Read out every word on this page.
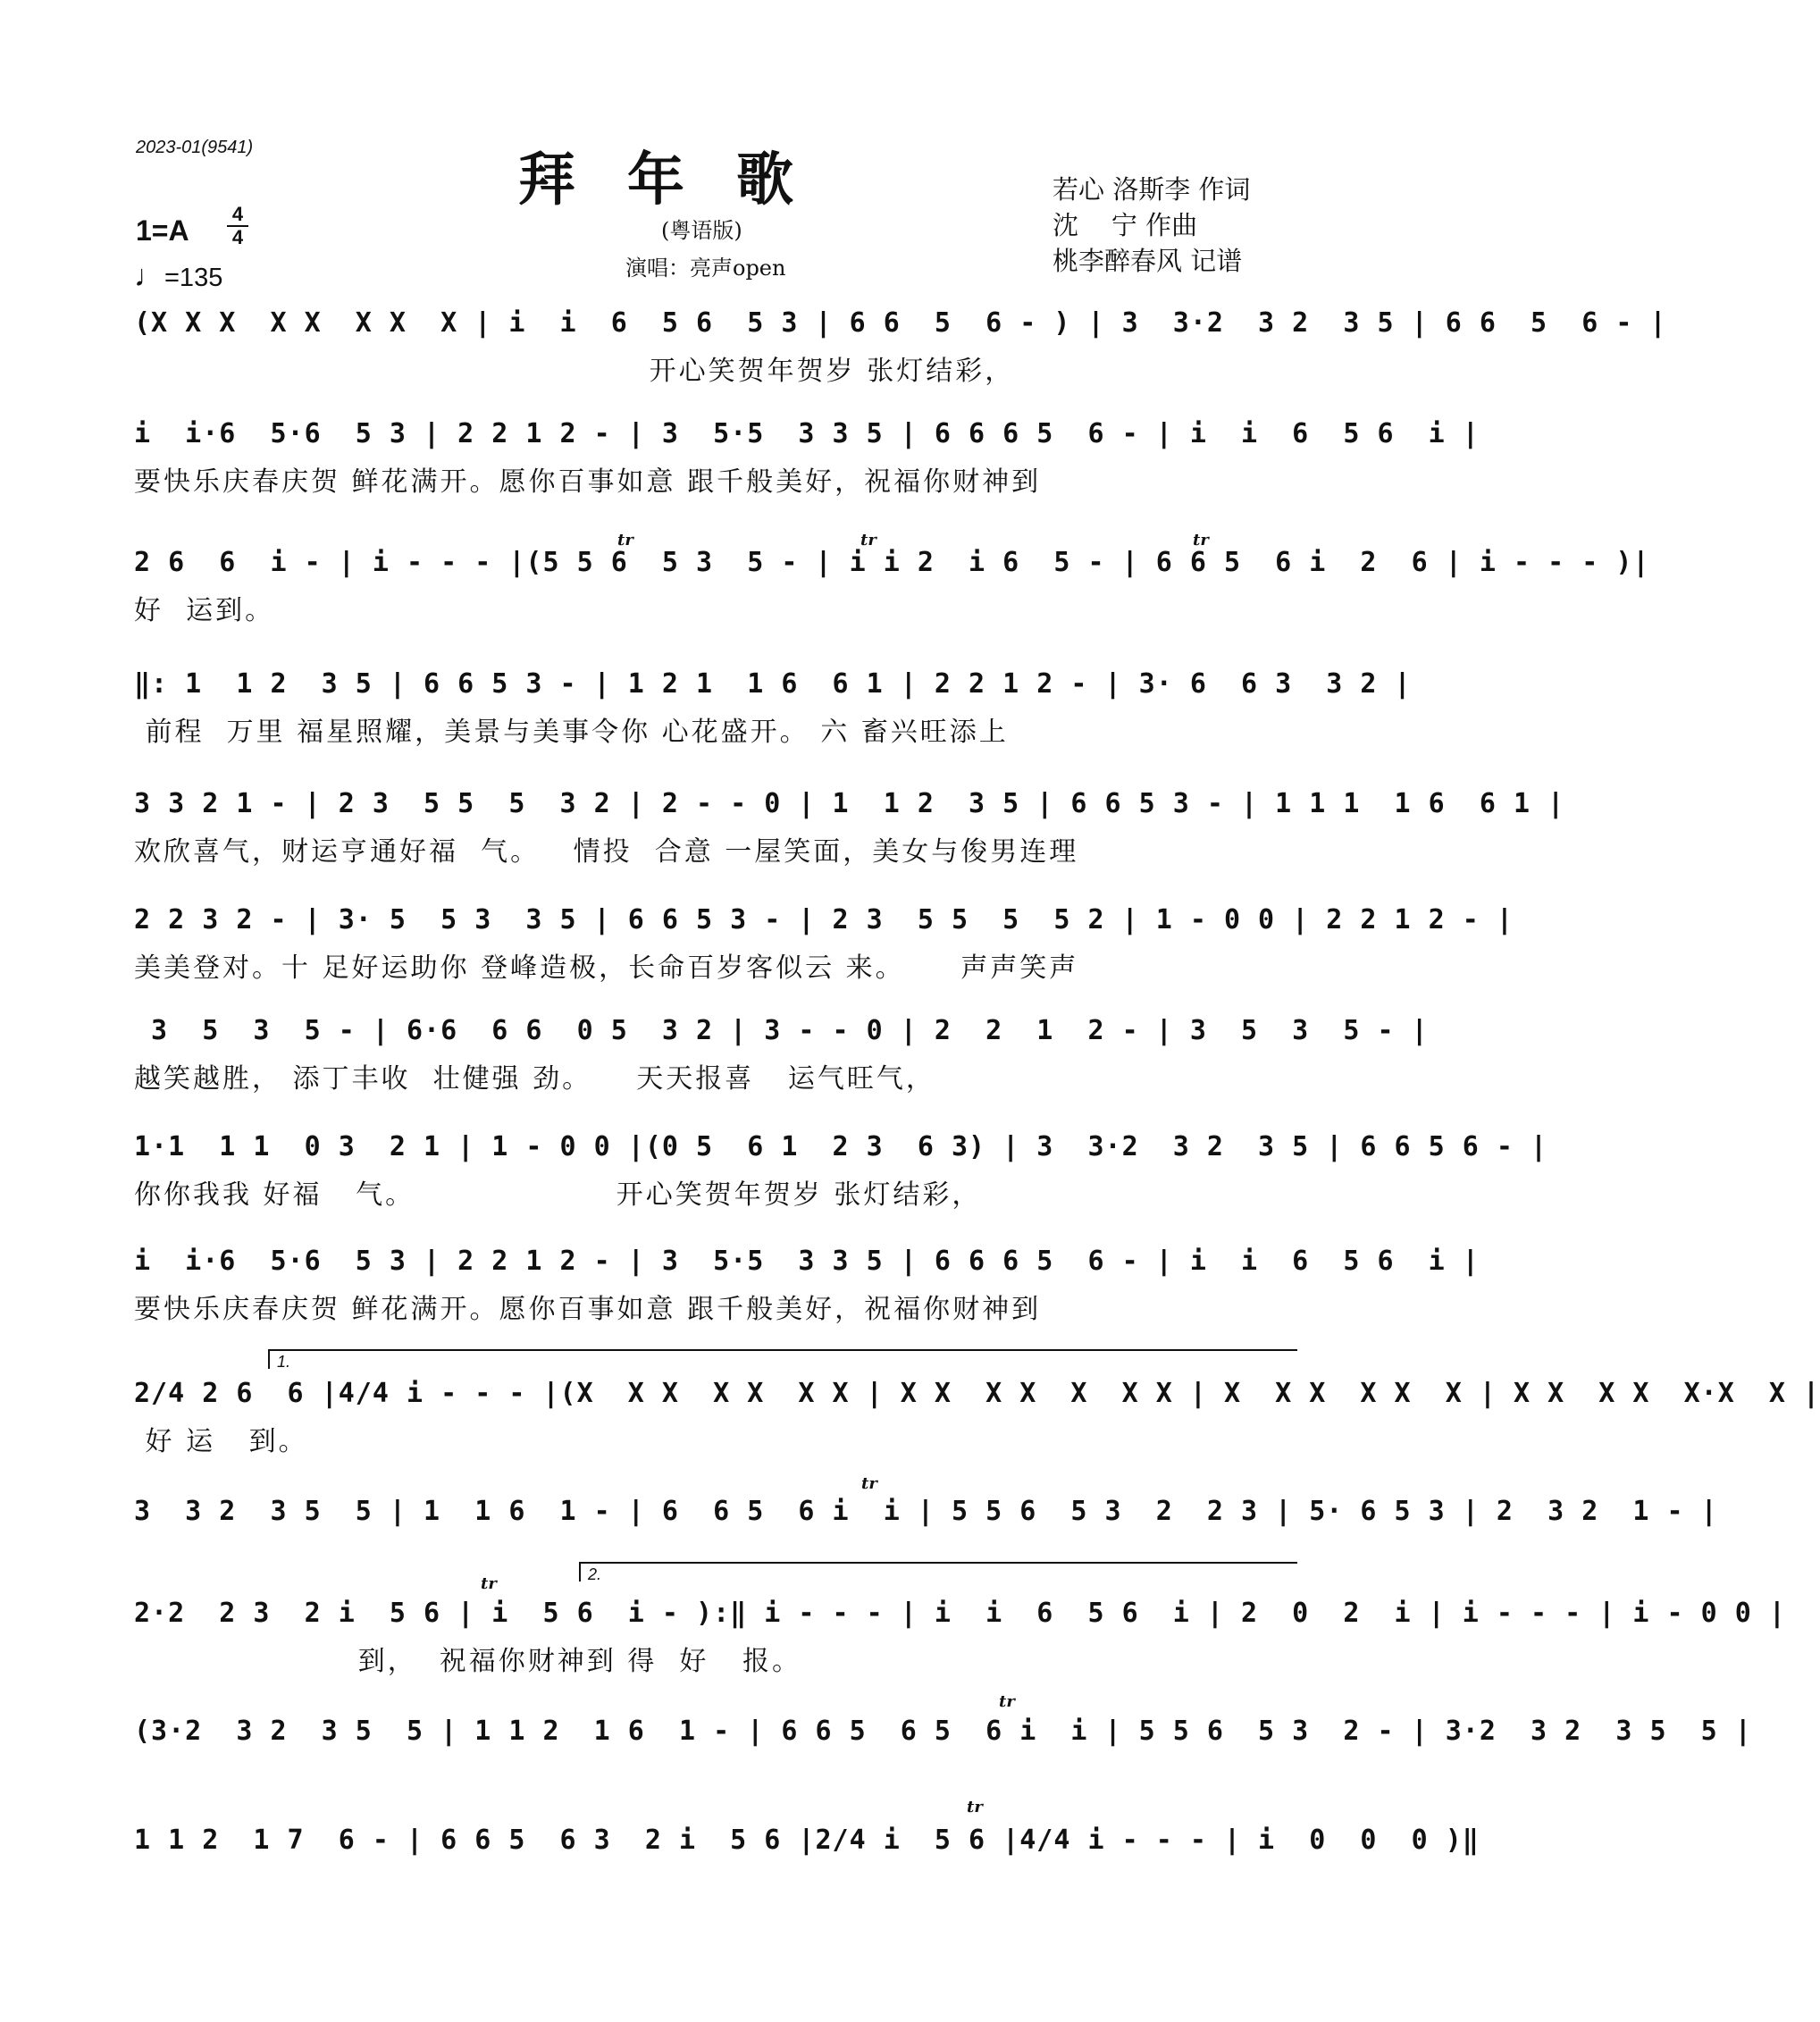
2023-01(9541)	拜年歌
(粤语版)
演唱：亮声open
若心 洛斯李 作词
沈    宁 作曲
桃李醉春风 记谱
1=A
4
4
♩=135
(X X X  X X  X X  X | i  i  6  5 6  5 3 | 6 6  5  6 - ) | 3  3·2  3 2  3 5 | 6 6  5  6 - |
开心笑贺年贺岁 张灯结彩，
i  i·6  5·6  5 3 | 2 2 1 2 - | 3  5·5  3 3 5 | 6 6 6 5  6 - | i  i  6  5 6  i |
要快乐庆春庆贺 鲜花满开。愿你百事如意 跟千般美好，祝福你财神到
2 6  6  i - | i - - - |(5 5 6  5 3  5 - | i i 2  i 6  5 - | 6 6 5  6 i  2  6 | i - - - )|
好  运到。
‖: 1  1 2  3 5 | 6 6 5 3 - | 1 2 1  1 6  6 1 | 2 2 1 2 - | 3· 6  6 3  3 2 |
前程  万里 福星照耀，美景与美事令你 心花盛开。 六 畜兴旺添上
3 3 2 1 - | 2 3  5 5  5  3 2 | 2 - - 0 | 1  1 2  3 5 | 6 6 5 3 - | 1 1 1  1 6  6 1 |
欢欣喜气，财运亨通好福  气。   情投  合意 一屋笑面，美女与俊男连理
2 2 3 2 - | 3· 5  5 3  3 5 | 6 6 5 3 - | 2 3  5 5  5  5 2 | 1 - 0 0 | 2 2 1 2 - |
美美登对。十 足好运助你 登峰造极，长命百岁客似云 来。     声声笑声
3  5  3  5 - | 6·6  6 6  0 5  3 2 | 3 - - 0 | 2  2  1  2 - | 3  5  3  5 - |
越笑越胜， 添丁丰收  壮健强 劲。    天天报喜   运气旺气，
1·1  1 1  0 3  2 1 | 1 - 0 0 |(0 5  6 1  2 3  6 3) | 3  3·2  3 2  3 5 | 6 6 5 6 - |
你你我我 好福   气。                  开心笑贺年贺岁 张灯结彩，
i  i·6  5·6  5 3 | 2 2 1 2 - | 3  5·5  3 3 5 | 6 6 6 5  6 - | i  i  6  5 6  i |
要快乐庆春庆贺 鲜花满开。愿你百事如意 跟千般美好，祝福你财神到
1.
2/4 2 6  6 |4/4 i - - - |(X  X X  X X  X X | X X  X X  X  X X | X  X X  X X  X | X X  X X  X·X  X |
好 运   到。
3  3 2  3 5  5 | 1  1 6  1 - | 6  6 5  6 i  i | 5 5 6  5 3  2  2 3 | 5· 6 5 3 | 2  3 2  1 - |
2.
2·2  2 3  2 i  5 6 | i  5 6  i - ):‖ i - - - | i  i  6  5 6  i | 2  0  2  i | i - - - | i - 0 0 |
到，  祝福你财神到 得  好   报。
(3·2  3 2  3 5  5 | 1 1 2  1 6  1 - | 6 6 5  6 5  6 i  i | 5 5 6  5 3  2 - | 3·2  3 2  3 5  5 |
1 1 2  1 7  6 - | 6 6 5  6 3  2 i  5 6 |2/4 i  5 6 |4/4 i - - - | i  0  0  0 )‖
tr	tr	tr
tr
tr
tr
tr
